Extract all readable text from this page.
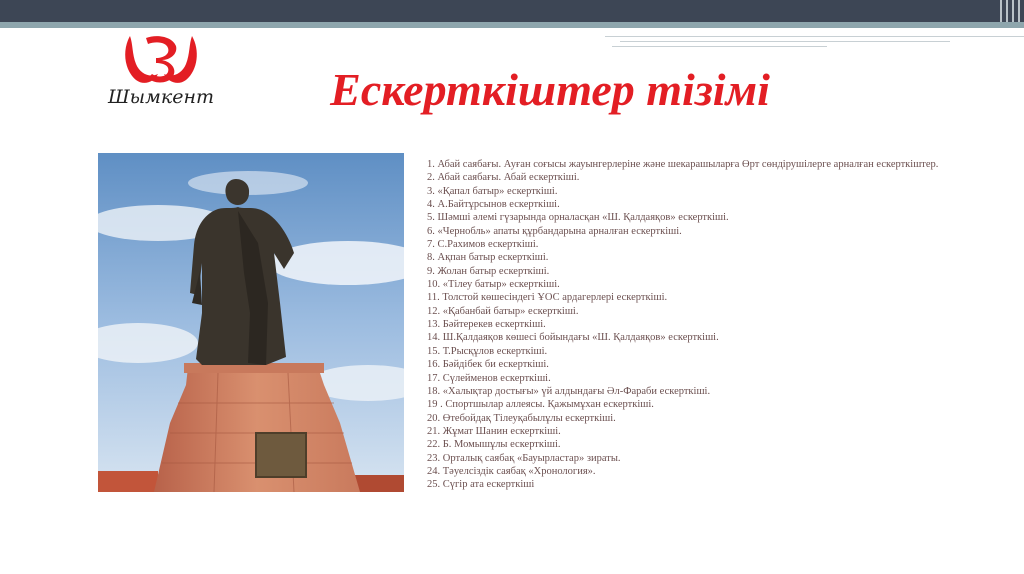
Шымкент	Ескерткіштер тізімі
1. Абай саябағы. Ауған соғысы жауынгерлеріне және шекарашыларға Өрт сөндірушілерге арналған ескерткіштер.
2. Абай саябағы. Абай ескерткіші.
3. «Қапал батыр» ескерткіші.
4. А.Байтұрсынов ескерткіші.
5. Шәмші әлемі гүзарында орналасқан «Ш. Қалдаяқов» ескерткіші.
6. «Чернобль» апаты құрбандарына арналған ескерткіші.
7. С.Рахимов ескерткіші.
8. Ақпан батыр ескерткіші.
9. Жолан батыр ескерткіші.
10. «Тілеу батыр» ескерткіші.
11. Толстой көшесіндегі ҰОС ардагерлері ескерткіші.
12. «Қабанбай батыр» ескерткіші.
13. Бәйтерекев ескерткіші.
14. Ш.Қалдаяқов көшесі бойындағы «Ш. Қалдаяқов» ескерткіші.
15. Т.Рысқұлов ескерткіші.
16. Бәйдібек би ескерткіші.
17. Сүлейменов ескерткіші.
18. «Халықтар достығы» үй алдындағы Әл-Фараби ескерткіші.
19 . Спортшылар аллеясы. Қажымұхан ескерткіші.
20. Өтебойдақ Тілеуқабылұлы ескерткіші.
21. Жұмат Шанин ескерткіші.
22. Б. Момышұлы ескерткіші.
23. Орталық саябақ «Бауырластар» зираты.
24. Тәуелсіздік саябақ «Хронология».
25. Сүгір ата ескерткіші
